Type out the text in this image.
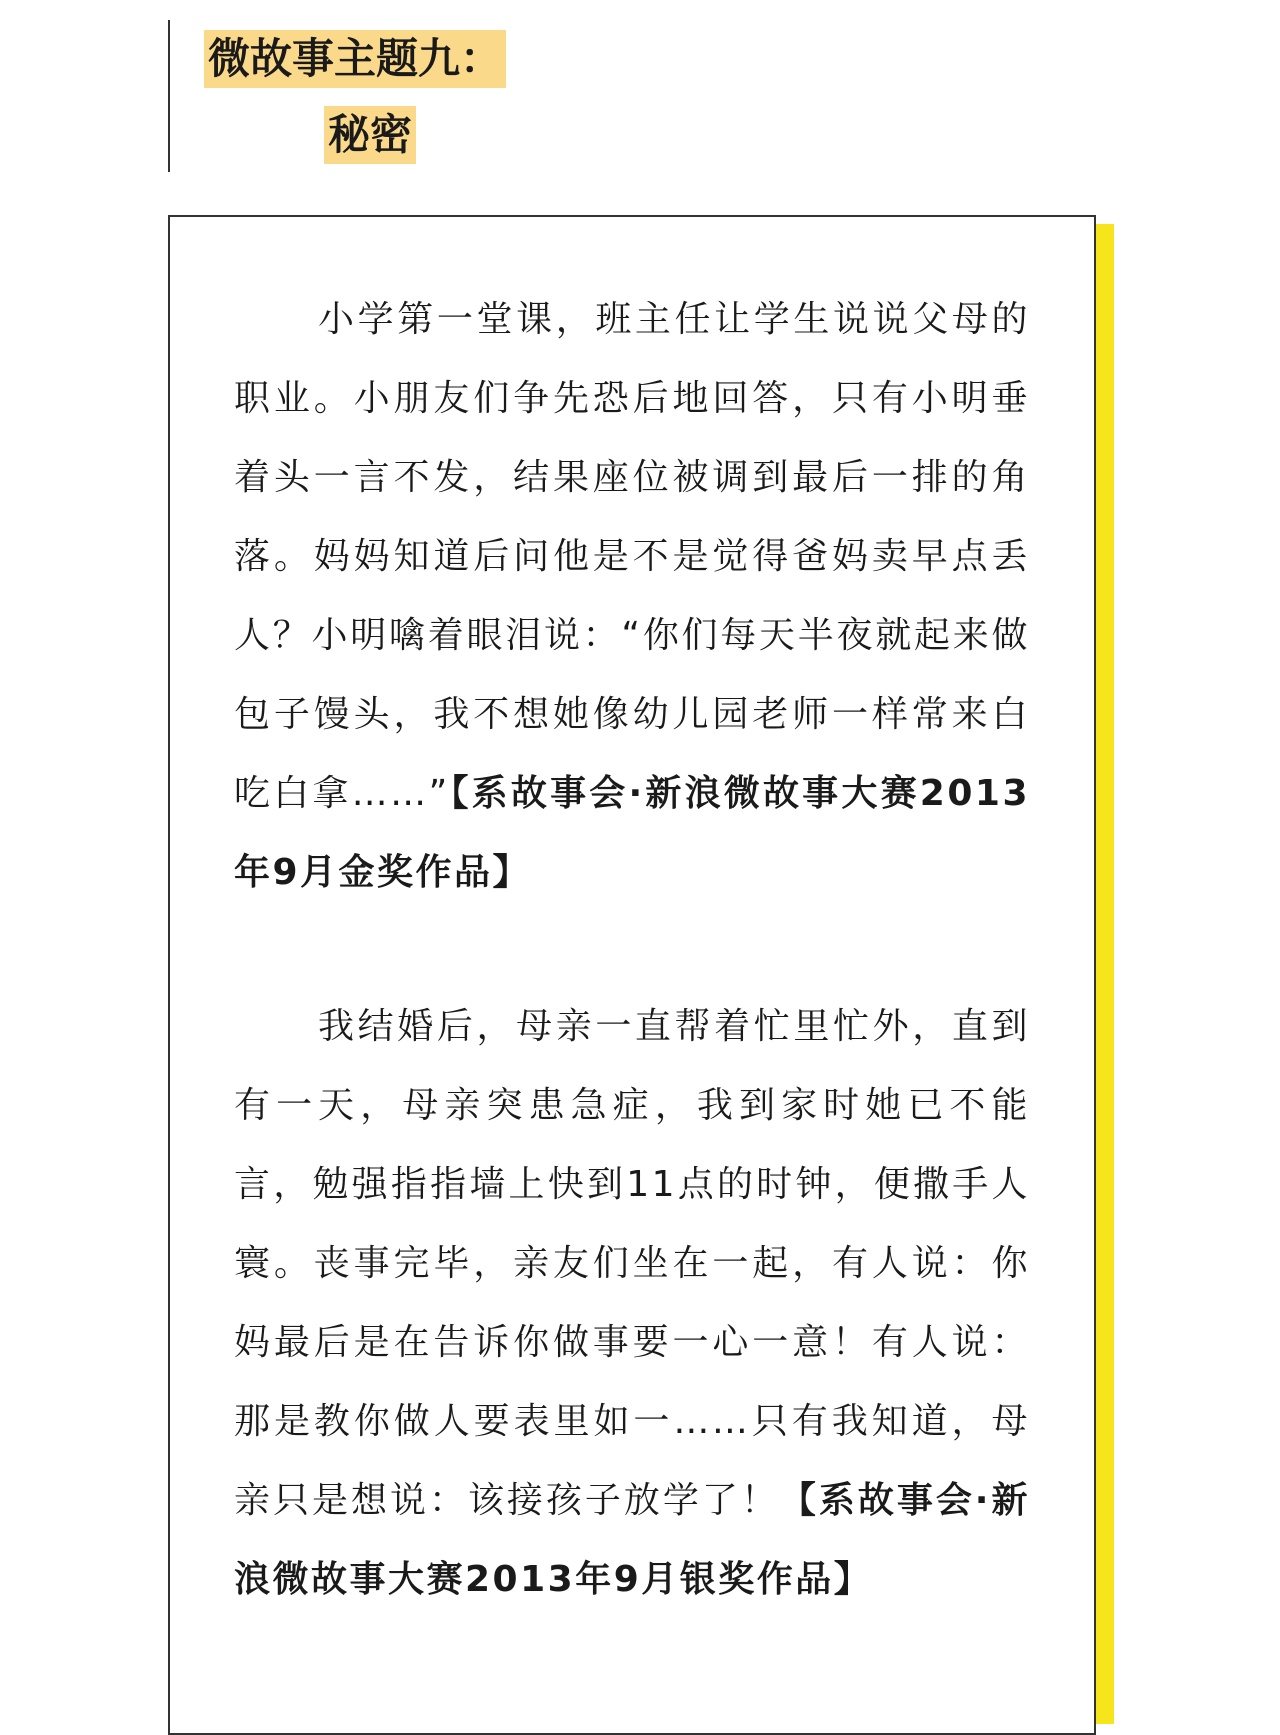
微故事主题九：
秘密

小学第一堂课，班主任让学生说说父母的职业。小朋友们争先恐后地回答，只有小明垂着头一言不发，结果座位被调到最后一排的角落。妈妈知道后问他是不是觉得爸妈卖早点丢人？小明噙着眼泪说：“你们每天半夜就起来做包子馒头，我不想她像幼儿园老师一样常来白吃白拿……”【系故事会·新浪微故事大赛2013年9月金奖作品】

我结婚后，母亲一直帮着忙里忙外，直到有一天，母亲突患急症，我到家时她已不能言，勉强指指墙上快到11点的时钟，便撒手人寰。丧事完毕，亲友们坐在一起，有人说：你妈最后是在告诉你做事要一心一意！有人说：那是教你做人要表里如一……只有我知道，母亲只是想说：该接孩子放学了！【系故事会·新浪微故事大赛2013年9月银奖作品】
